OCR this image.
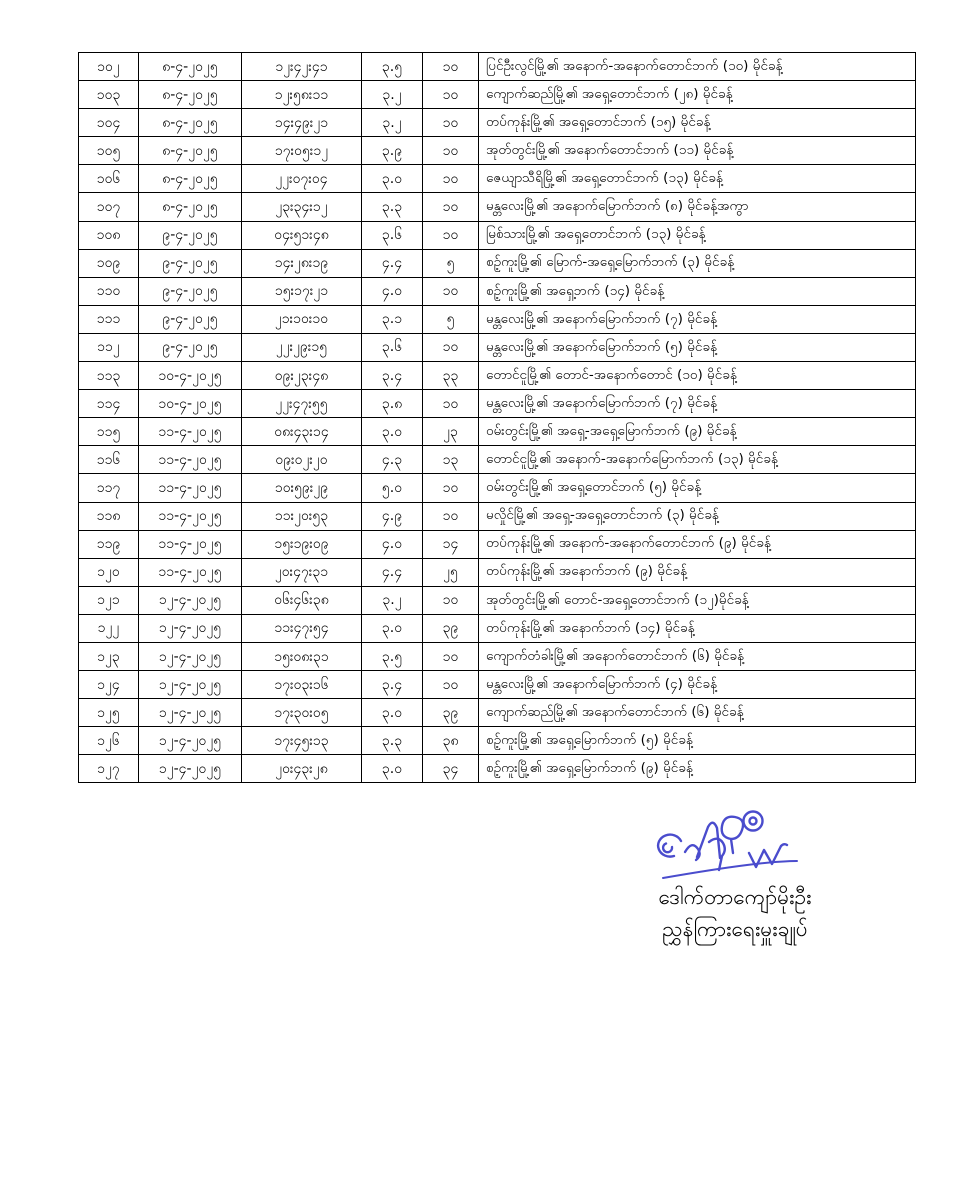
၁၀၂	၈-၄-၂၀၂၅	၁၂း၄၂း၄၁	၃.၅	၁၀	ပြင်ဦးလွင်မြို့၏ အနောက်-အနောက်တောင်ဘက် (၁၀) မိုင်ခန့်
၁၀၃	၈-၄-၂၀၂၅	၁၂း၅၈း၁၁	၃.၂	၁၀	ကျောက်ဆည်မြို့၏ အရှေ့တောင်ဘက် (၂၈) မိုင်ခန့်
၁၀၄	၈-၄-၂၀၂၅	၁၄း၄၉း၂၁	၃.၂	၁၀	တပ်ကုန်းမြို့၏ အရှေ့တောင်ဘက် (၁၅) မိုင်ခန့်
၁၀၅	၈-၄-၂၀၂၅	၁၇း၀၅း၁၂	၃.၉	၁၀	အုတ်တွင်းမြို့၏ အနောက်တောင်ဘက် (၁၁) မိုင်ခန့်
၁၀၆	၈-၄-၂၀၂၅	၂၂း၀၇း၀၄	၃.၀	၁၀	ဇေယျာသီရိမြို့၏ အရှေ့တောင်ဘက် (၁၃) မိုင်ခန့်
၁၀၇	၈-၄-၂၀၂၅	၂၃း၃၄း၁၂	၃.၃	၁၀	မန္တလေးမြို့၏ အနောက်မြောက်ဘက် (၈) မိုင်ခန့်အကွာ
၁၀၈	၉-၄-၂၀၂၅	၀၄း၅၁း၄၈	၃.၆	၁၀	မြစ်သားမြို့၏ အရှေ့တောင်ဘက် (၁၃) မိုင်ခန့်
၁၀၉	၉-၄-၂၀၂၅	၁၄း၂၈း၁၉	၄.၄	၅	စဉ့်ကူးမြို့၏ မြောက်-အရှေ့မြောက်ဘက် (၃) မိုင်ခန့်
၁၁၀	၉-၄-၂၀၂၅	၁၅း၁၇း၂၁	၄.၀	၁၀	စဉ့်ကူးမြို့၏ အရှေ့ဘက် (၁၄) မိုင်ခန့်
၁၁၁	၉-၄-၂၀၂၅	၂၁း၁၀း၁၀	၃.၁	၅	မန္တလေးမြို့၏ အနောက်မြောက်ဘက် (၇) မိုင်ခန့်
၁၁၂	၉-၄-၂၀၂၅	၂၂း၂၉း၁၅	၃.၆	၁၀	မန္တလေးမြို့၏ အနောက်မြောက်ဘက် (၅) မိုင်ခန့်
၁၁၃	၁၀-၄-၂၀၂၅	၀၉း၂၃း၄၈	၃.၄	၃၃	တောင်ငူမြို့၏ တောင်-အနောက်တောင် (၁၀) မိုင်ခန့်
၁၁၄	၁၀-၄-၂၀၂၅	၂၂း၄၇း၅၅	၃.၈	၁၀	မန္တလေးမြို့၏ အနောက်မြောက်ဘက် (၇) မိုင်ခန့်
၁၁၅	၁၁-၄-၂၀၂၅	၀၈း၄၃း၁၄	၃.၀	၂၃	ဝမ်းတွင်းမြို့၏ အရှေ့-အရှေ့မြောက်ဘက် (၉) မိုင်ခန့်
၁၁၆	၁၁-၄-၂၀၂၅	၀၉း၀၂း၂၀	၄.၃	၁၃	တောင်ငူမြို့၏ အနောက်-အနောက်မြောက်ဘက် (၁၃) မိုင်ခန့်
၁၁၇	၁၁-၄-၂၀၂၅	၁၀း၅၉း၂၉	၅.၀	၁၀	ဝမ်းတွင်းမြို့၏ အရှေ့တောင်ဘက် (၅) မိုင်ခန့်
၁၁၈	၁၁-၄-၂၀၂၅	၁၁း၂၀း၅၃	၄.၉	၁၀	မလှိုင်မြို့၏ အရှေ့-အရှေ့တောင်ဘက် (၃) မိုင်ခန့်
၁၁၉	၁၁-၄-၂၀၂၅	၁၅း၁၉း၀၉	၄.၀	၁၄	တပ်ကုန်းမြို့၏ အနောက်-အနောက်တောင်ဘက် (၉) မိုင်ခန့်
၁၂၀	၁၁-၄-၂၀၂၅	၂၀း၄၇း၃၁	၄.၄	၂၅	တပ်ကုန်းမြို့၏ အနောက်ဘက် (၉) မိုင်ခန့်
၁၂၁	၁၂-၄-၂၀၂၅	၀၆း၄၆း၃၈	၃.၂	၁၀	အုတ်တွင်းမြို့၏ တောင်-အရှေ့တောင်ဘက် (၁၂)မိုင်ခန့်
၁၂၂	၁၂-၄-၂၀၂၅	၁၁း၄၇း၅၄	၃.၀	၃၉	တပ်ကုန်းမြို့၏ အနောက်ဘက် (၁၄) မိုင်ခန့်
၁၂၃	၁၂-၄-၂၀၂၅	၁၅း၀၈း၃၁	၃.၅	၁၀	ကျောက်တံခါးမြို့၏ အနောက်တောင်ဘက် (၆) မိုင်ခန့်
၁၂၄	၁၂-၄-၂၀၂၅	၁၇း၀၃း၁၆	၃.၄	၁၀	မန္တလေးမြို့၏ အနောက်မြောက်ဘက် (၄) မိုင်ခန့်
၁၂၅	၁၂-၄-၂၀၂၅	၁၇း၃၀း၀၅	၃.၀	၃၉	ကျောက်ဆည်မြို့၏ အနောက်တောင်ဘက် (၆) မိုင်ခန့်
၁၂၆	၁၂-၄-၂၀၂၅	၁၇း၄၅း၁၃	၃.၃	၃၈	စဉ့်ကူးမြို့၏ အရှေ့မြောက်ဘက် (၅) မိုင်ခန့်
၁၂၇	၁၂-၄-၂၀၂၅	၂၀း၄၃း၂၈	၃.၀	၃၄	စဉ့်ကူးမြို့၏ အရှေ့မြောက်ဘက် (၉) မိုင်ခန့်
ဒေါက်တာကျော်မိုးဦး
ညွှန်ကြားရေးမှူးချုပ်
